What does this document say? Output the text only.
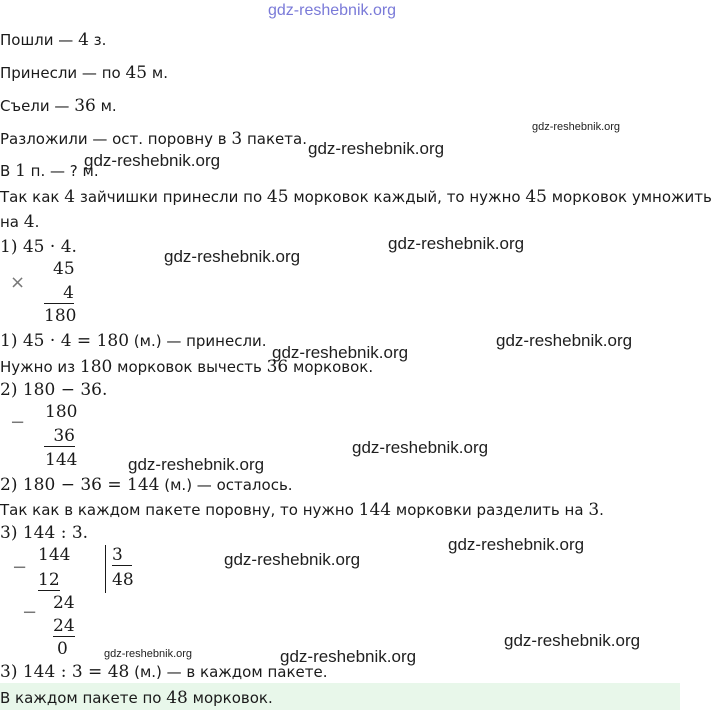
gdz-reshebnik.org
Пошли — 4 з.
Принесли — по 45 м.
Съели — 36 м.
Разложили — ост. поровну в 3 пакета.
В 1 п. — ? м.
Так как 4 зайчишки принесли по 45 морковок каждый, то нужно 45 морковок умножить
на 4.
1) 45 · 4.
×
45
4
180
1) 45 · 4 = 180 (м.) — принесли.
Нужно из 180 морковок вычесть 36 морковок.
2) 180 − 36.
− 180
36
144
2) 180 − 36 = 144 (м.) — осталось.
Так как в каждом пакете поровну, то нужно 144 морковки разделить на 3.
3) 144 : 3.
−
144
12
− 24
24
0
3
48
3) 144 : 3 = 48 (м.) — в каждом пакете.
В каждом пакете по 48 морковок.
gdz-reshebnik.org
gdz-reshebnik.org
gdz-reshebnik.org
gdz-reshebnik.org
gdz-reshebnik.org
gdz-reshebnik.org
gdz-reshebnik.org
gdz-reshebnik.org
gdz-reshebnik.org
gdz-reshebnik.org
gdz-reshebnik.org
gdz-reshebnik.org
gdz-reshebnik.org	gdz-reshebnik.org
